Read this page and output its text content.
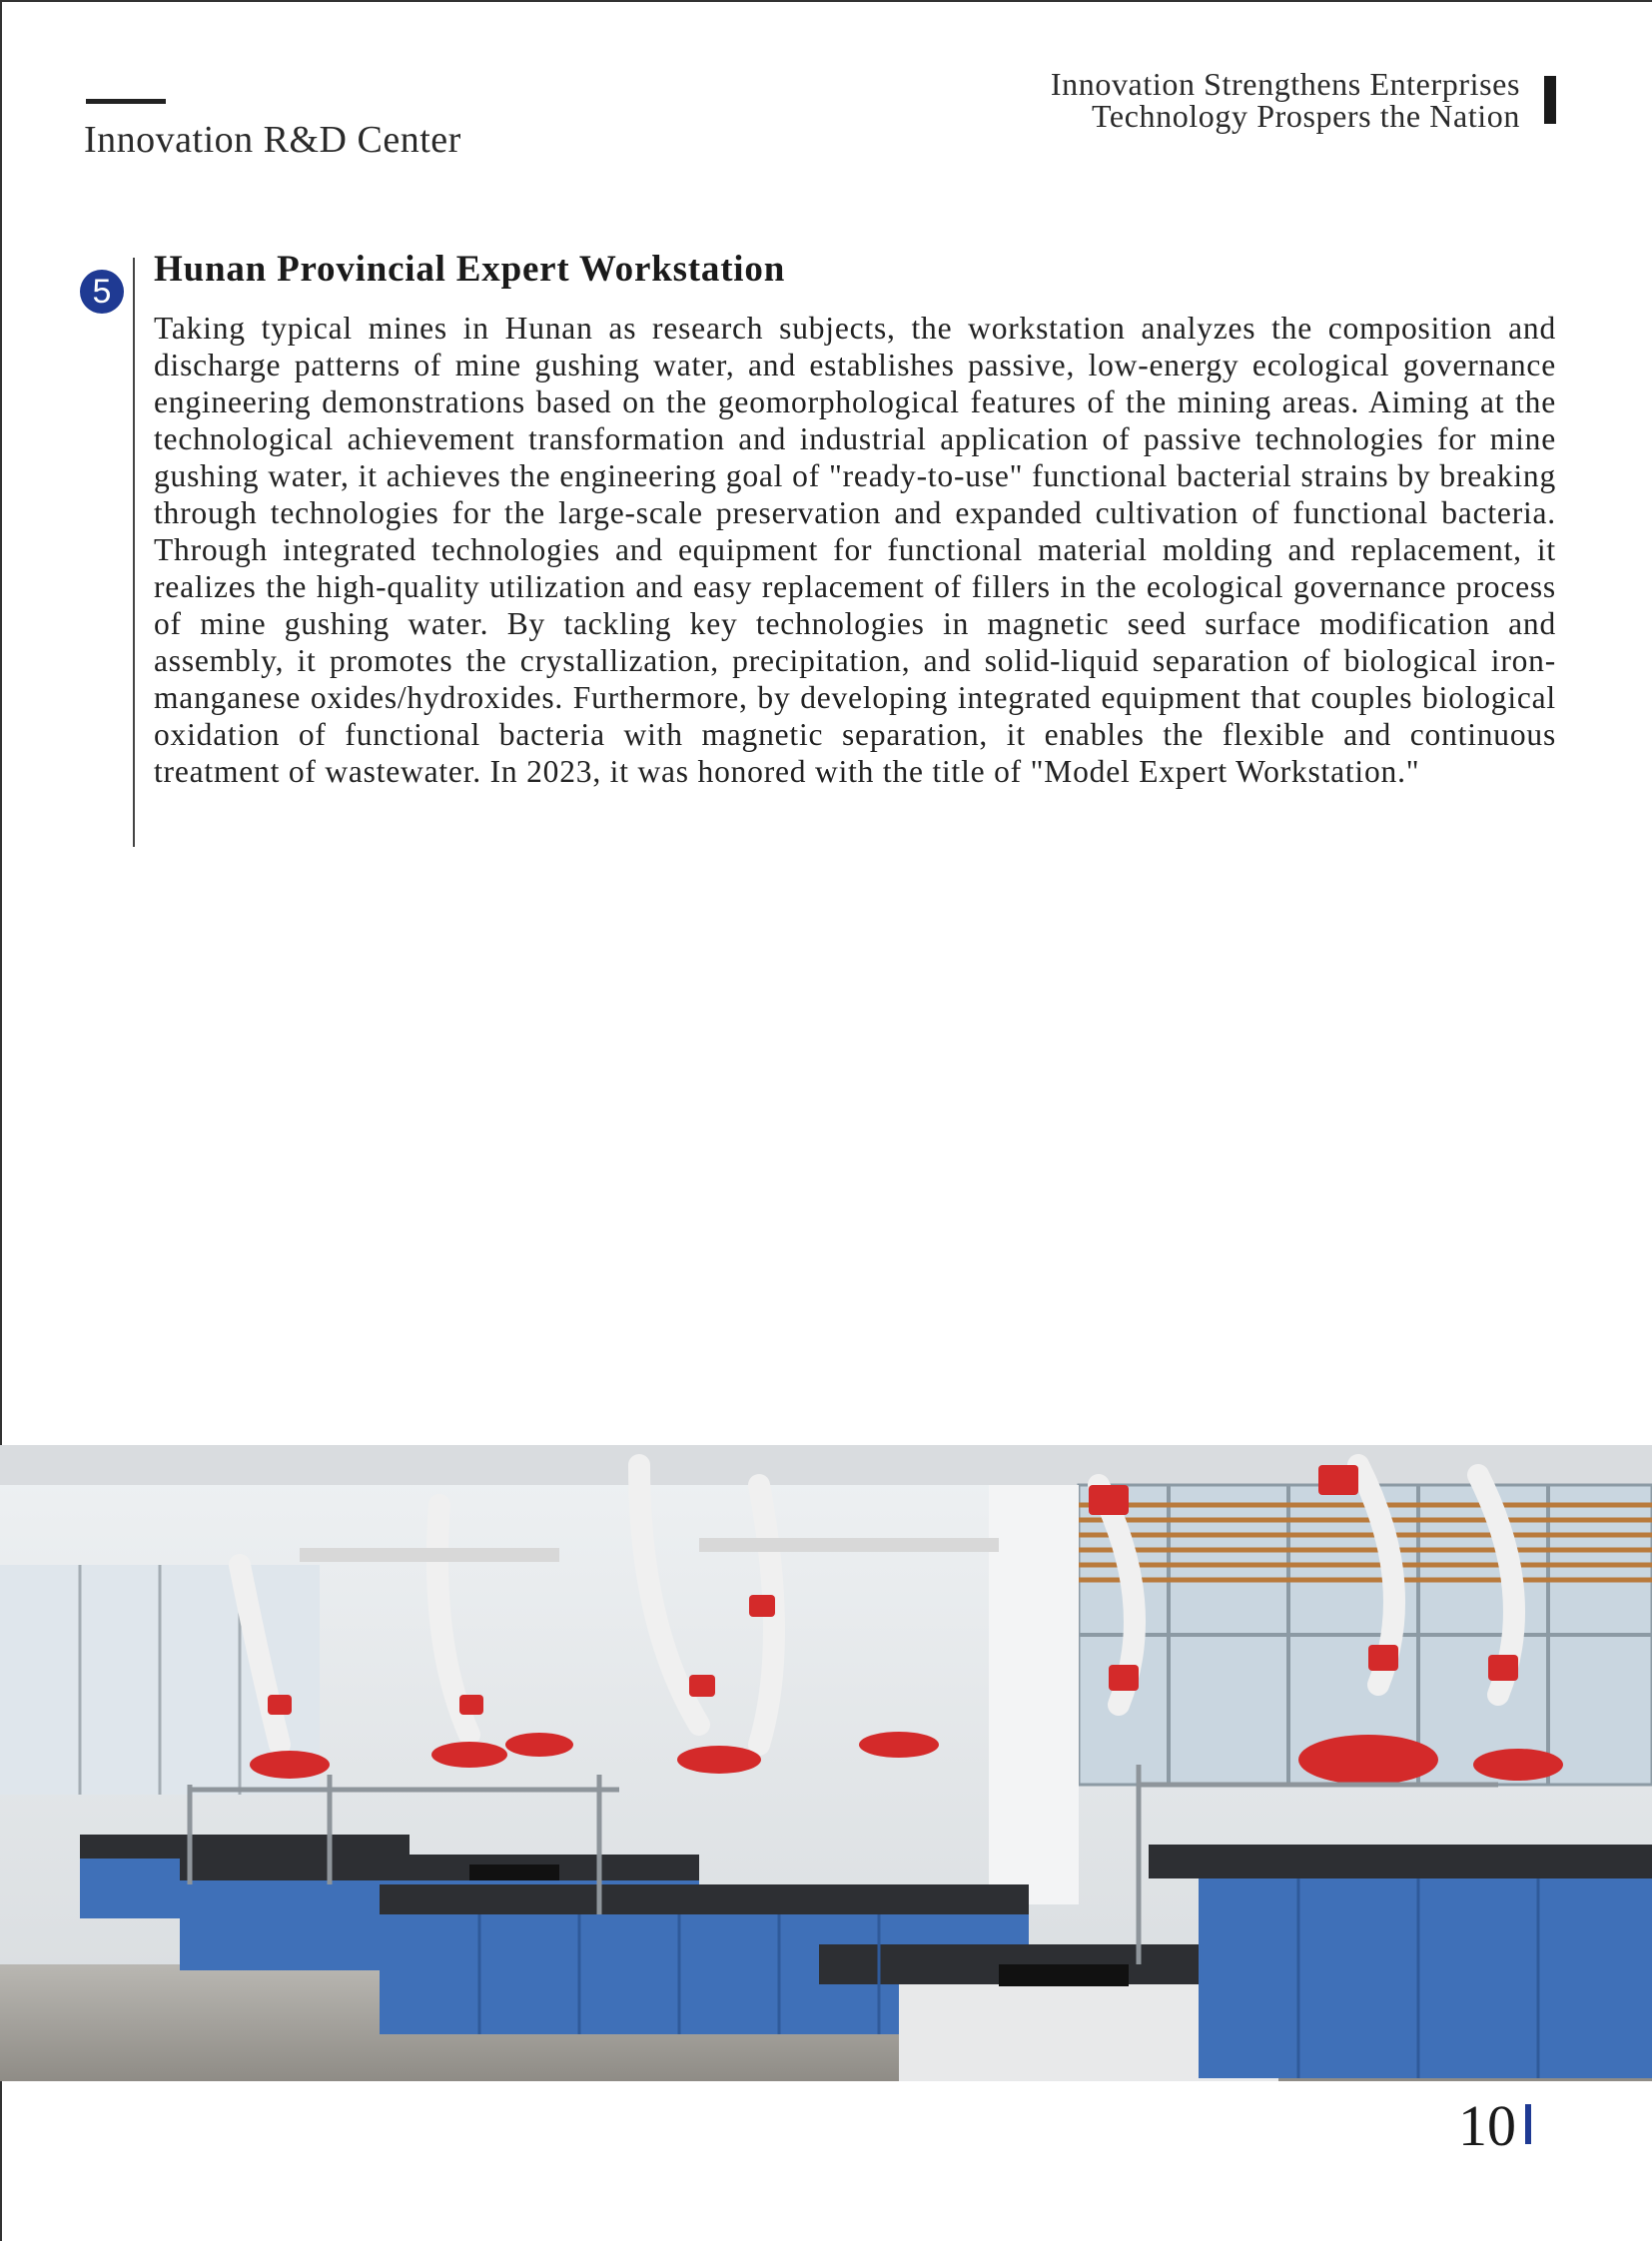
Innovation R&D Center
Innovation Strengthens Enterprises
Technology Prospers the Nation
5
Hunan Provincial Expert Workstation
Taking typical mines in Hunan as research subjects, the workstation analyzes the composition and discharge patterns of mine gushing water, and establishes passive, low-energy ecological governance engineering demonstrations based on the geomorphological features of the mining areas. Aiming at the technological achievement transformation and industrial application of passive technologies for mine gushing water, it achieves the engineering goal of "ready-to-use" functional bacterial strains by breaking through technologies for the large-scale preservation and expanded cultivation of functional bacteria. Through integrated technologies and equipment for functional material molding and replacement, it realizes the high-quality utilization and easy replacement of fillers in the ecological governance process of mine gushing water. By tackling key technologies in magnetic seed surface modification and assembly, it promotes the crystallization, precipitation, and solid-liquid separation of biological iron-manganese oxides/hydroxides. Furthermore, by developing integrated equipment that couples biological oxidation of functional bacteria with magnetic separation, it enables the flexible and continuous treatment of wastewater. In 2023, it was honored with the title of "Model Expert Workstation."
10
